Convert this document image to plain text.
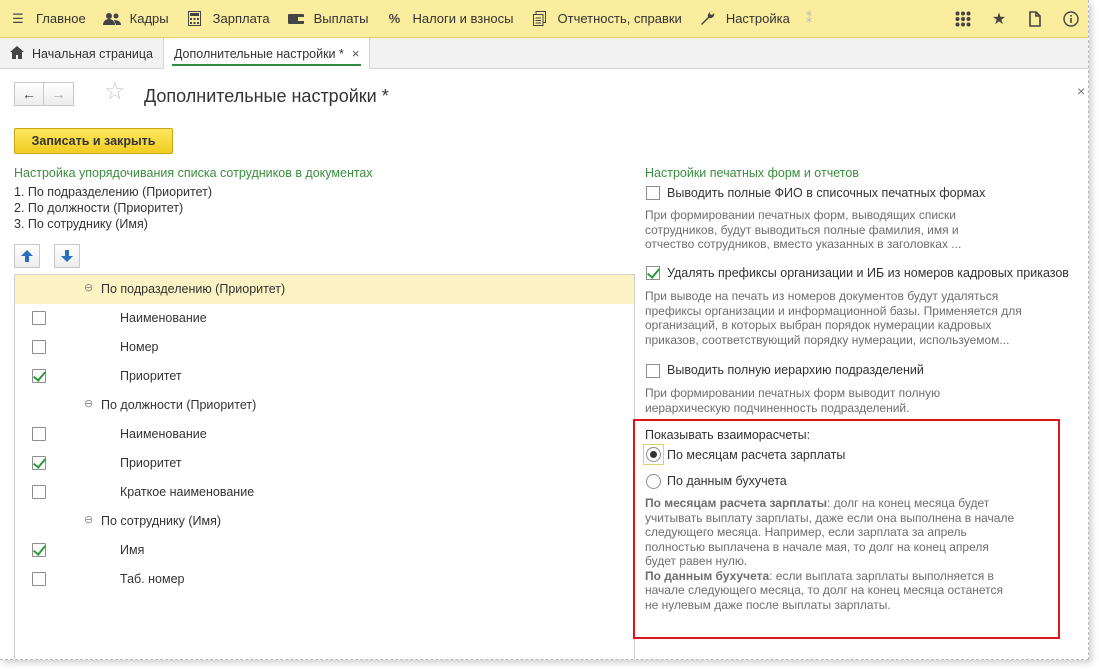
☰ Главное	Кадры	Зарплата	Выплаты	% Налоги и взносы	Отчетность, справки	Настройка ⁑	★
Начальная страница Дополнительные настройки * ×
←	→	☆ Дополнительные настройки *	×
Записать и закрыть
Настройка упорядочивания списка сотрудников в документах
1. По подразделению (Приоритет)
2. По должности (Приоритет)
3. По сотруднику (Имя)
⊖ По подразделению (Приоритет)
Наименование
Номер
Приоритет
⊖ По должности (Приоритет)
Наименование
Приоритет
Краткое наименование
⊖ По сотруднику (Имя)
Имя
Таб. номер
Настройки печатных форм и отчетов
Выводить полные ФИО в списочных печатных формах
При формировании печатных форм, выводящих списки
сотрудников, будут выводиться полные фамилия, имя и
отчество сотрудников, вместо указанных в заголовках ...
Удалять префиксы организации и ИБ из номеров кадровых приказов
При выводе на печать из номеров документов будут удаляться
префиксы организации и информационной базы. Применяется для
организаций, в которых выбран порядок нумерации кадровых
приказов, соответствующий порядку нумерации, используемом...
Выводить полную иерархию подразделений
При формировании печатных форм выводит полную
иерархическую подчиненность подразделений.
Показывать взаиморасчеты:
По месяцам расчета зарплаты
По данным бухучета
По месяцам расчета зарплаты: долг на конец месяца будет
учитывать выплату зарплаты, даже если она выполнена в начале
следующего месяца. Например, если зарплата за апрель
полностью выплачена в начале мая, то долг на конец апреля
будет равен нулю.
По данным бухучета: если выплата зарплаты выполняется в
начале следующего месяца, то долг на конец месяца останется
не нулевым даже после выплаты зарплаты.
